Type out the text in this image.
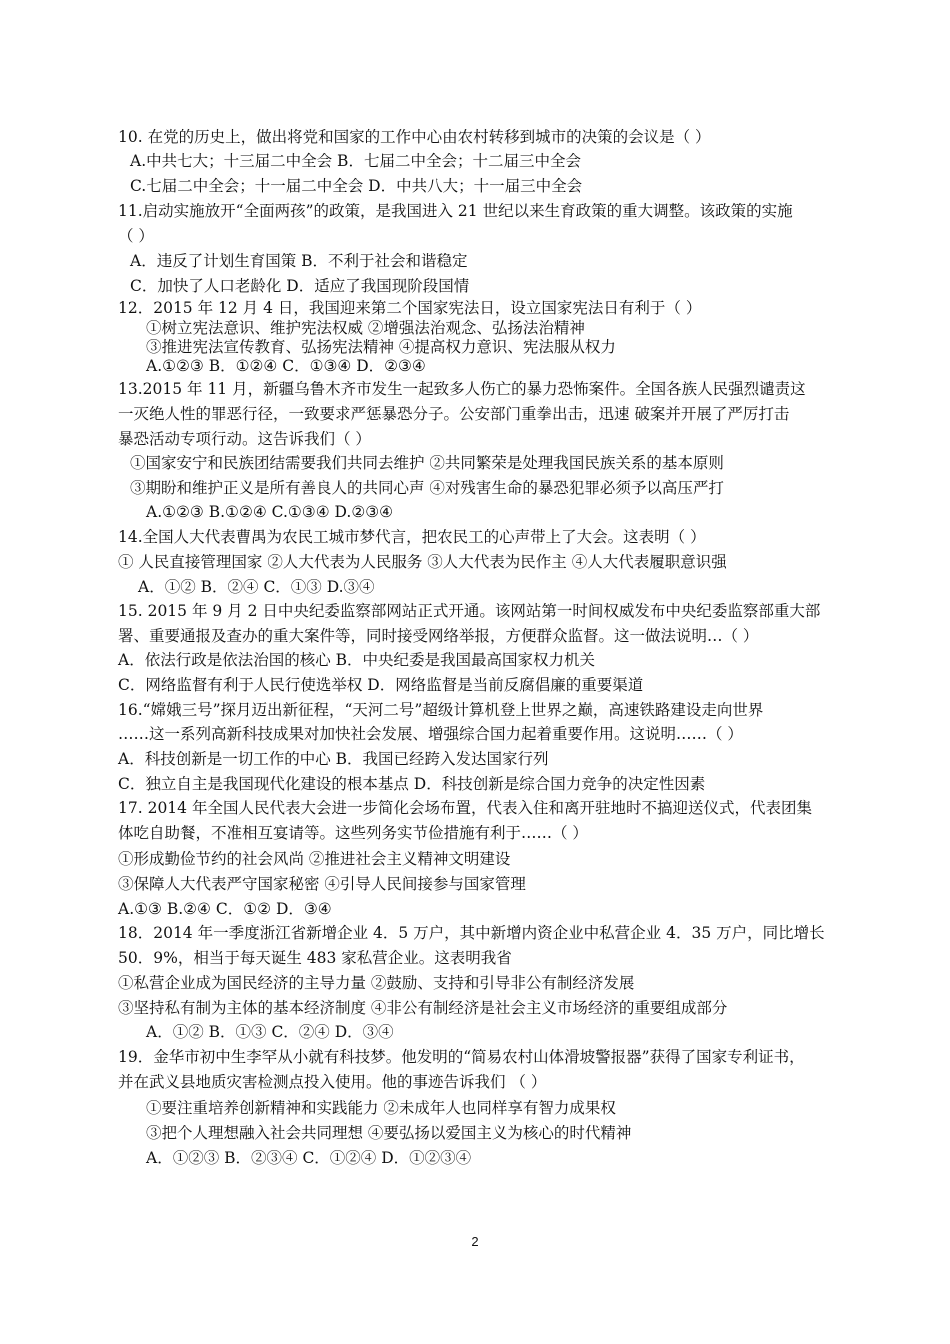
10. 在党的历史上，做出将党和国家的工作中心由农村转移到城市的决策的会议是（ ）
A.中共七大；十三届二中全会 B．七届二中全会；十二届三中全会
C.七届二中全会；十一届二中全会 D．中共八大；十一届三中全会
11.启动实施放开“全面两孩”的政策，是我国进入 21 世纪以来生育政策的重大调整。该政策的实施
（ ）
A．违反了计划生育国策 B．不利于社会和谐稳定
C．加快了人口老龄化 D．适应了我国现阶段国情
12．2015 年 12 月 4 日，我国迎来第二个国家宪法日，设立国家宪法日有利于（ ）
①树立宪法意识、维护宪法权威 ②增强法治观念、弘扬法治精神
③推进宪法宣传教育、弘扬宪法精神 ④提高权力意识、宪法服从权力
A.①②③ B．①②④ C．①③④ D．②③④
13.2015 年 11 月，新疆乌鲁木齐市发生一起致多人伤亡的暴力恐怖案件。全国各族人民强烈谴责这
一灭绝人性的罪恶行径，一致要求严惩暴恐分子。公安部门重拳出击，迅速 破案并开展了严厉打击
暴恐活动专项行动。这告诉我们（ ）
①国家安宁和民族团结需要我们共同去维护 ②共同繁荣是处理我国民族关系的基本原则
③期盼和维护正义是所有善良人的共同心声 ④对残害生命的暴恐犯罪必须予以高压严打
A.①②③ B.①②④ C.①③④ D.②③④
14.全国人大代表曹禺为农民工城市梦代言，把农民工的心声带上了大会。这表明（ ）
① 人民直接管理国家 ②人大代表为人民服务 ③人大代表为民作主 ④人大代表履职意识强
A．①② B．②④ C．①③ D.③④
15. 2015 年 9 月 2 日中央纪委监察部网站正式开通。该网站第一时间权威发布中央纪委监察部重大部
署、重要通报及查办的重大案件等，同时接受网络举报，方便群众监督。这一做法说明…（ ）
A．依法行政是依法治国的核心 B．中央纪委是我国最高国家权力机关
C．网络监督有利于人民行使选举权 D．网络监督是当前反腐倡廉的重要渠道
16.“嫦娥三号”探月迈出新征程，“天河二号”超级计算机登上世界之巅，高速铁路建设走向世界
……这一系列高新科技成果对加快社会发展、增强综合国力起着重要作用。这说明……（ ）
A．科技创新是一切工作的中心 B．我国已经跨入发达国家行列
C．独立自主是我国现代化建设的根本基点 D．科技创新是综合国力竞争的决定性因素
17. 2014 年全国人民代表大会进一步简化会场布置，代表入住和离开驻地时不搞迎送仪式，代表团集
体吃自助餐，不准相互宴请等。这些列务实节俭措施有利于……（ ）
①形成勤俭节约的社会风尚 ②推进社会主义精神文明建设
③保障人大代表严守国家秘密 ④引导人民间接参与国家管理
A.①③ B.②④ C．①② D．③④
18．2014 年一季度浙江省新增企业 4．5 万户，其中新增内资企业中私营企业 4．35 万户，同比增长
50．9%，相当于每天诞生 483 家私营企业。这表明我省
①私营企业成为国民经济的主导力量 ②鼓励、支持和引导非公有制经济发展
③坚持私有制为主体的基本经济制度 ④非公有制经济是社会主义市场经济的重要组成部分
A．①② B．①③ C．②④ D．③④
19．金华市初中生李罕从小就有科技梦。他发明的“简易农村山体滑坡警报器”获得了国家专利证书，
并在武义县地质灾害检测点投入使用。他的事迹告诉我们 （ ）
①要注重培养创新精神和实践能力 ②未成年人也同样享有智力成果权
③把个人理想融入社会共同理想 ④要弘扬以爱国主义为核心的时代精神
A．①②③ B．②③④ C．①②④ D．①②③④
2
